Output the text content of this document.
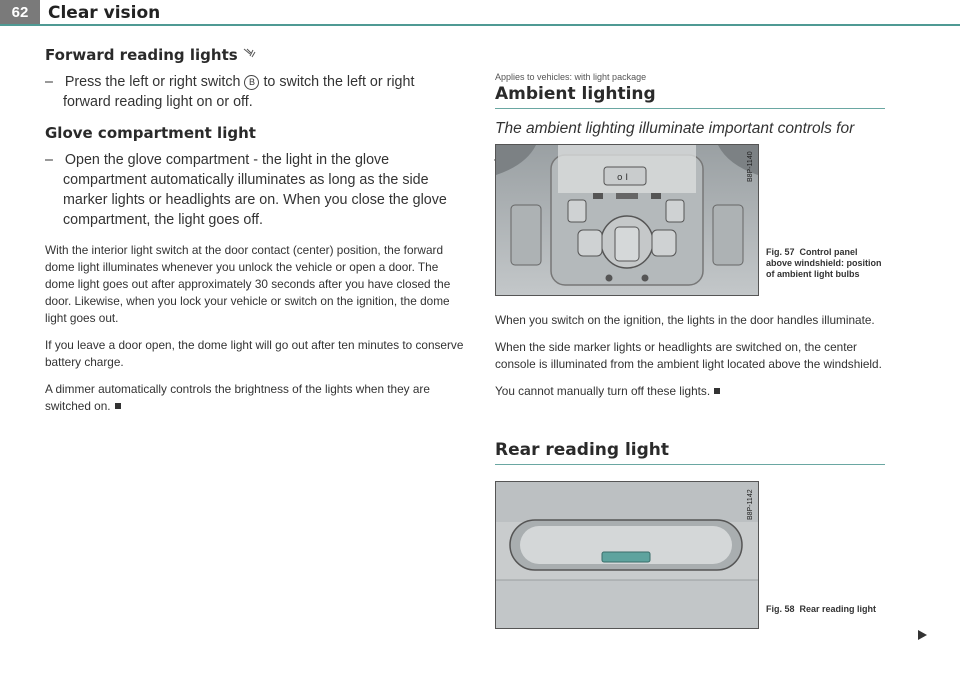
62	Clear vision
Forward reading lights

–   Press the left or right switch B to switch the left or right forward reading light on or off.

Glove compartment light

–   Open the glove compartment - the light in the glove compartment automatically illuminates as long as the side marker lights or headlights are on. When you close the glove compartment, the light goes off.

With the interior light switch at the door contact (center) position, the forward dome light illuminates whenever you unlock the vehicle or open a door. The dome light goes out after approximately 30 seconds after you have closed the door. Likewise, when you lock your vehicle or switch on the ignition, the dome light goes out.

If you leave a door open, the dome light will go out after ten minutes to conserve battery charge.

A dimmer automatically controls the brightness of the lights when they are switched on.

Applies to vehicles: with light package

Ambient lighting

The ambient lighting illuminate important controls for

o I	B8P-1140
Fig. 57 Control panel above windshield: position of ambient light bulbs

When you switch on the ignition, the lights in the door handles illuminate.

When the side marker lights or headlights are switched on, the center console is illuminated from the ambient light located above the windshield.

You cannot manually turn off these lights.

Rear reading light
B8P-1142
Fig. 58 Rear reading light
